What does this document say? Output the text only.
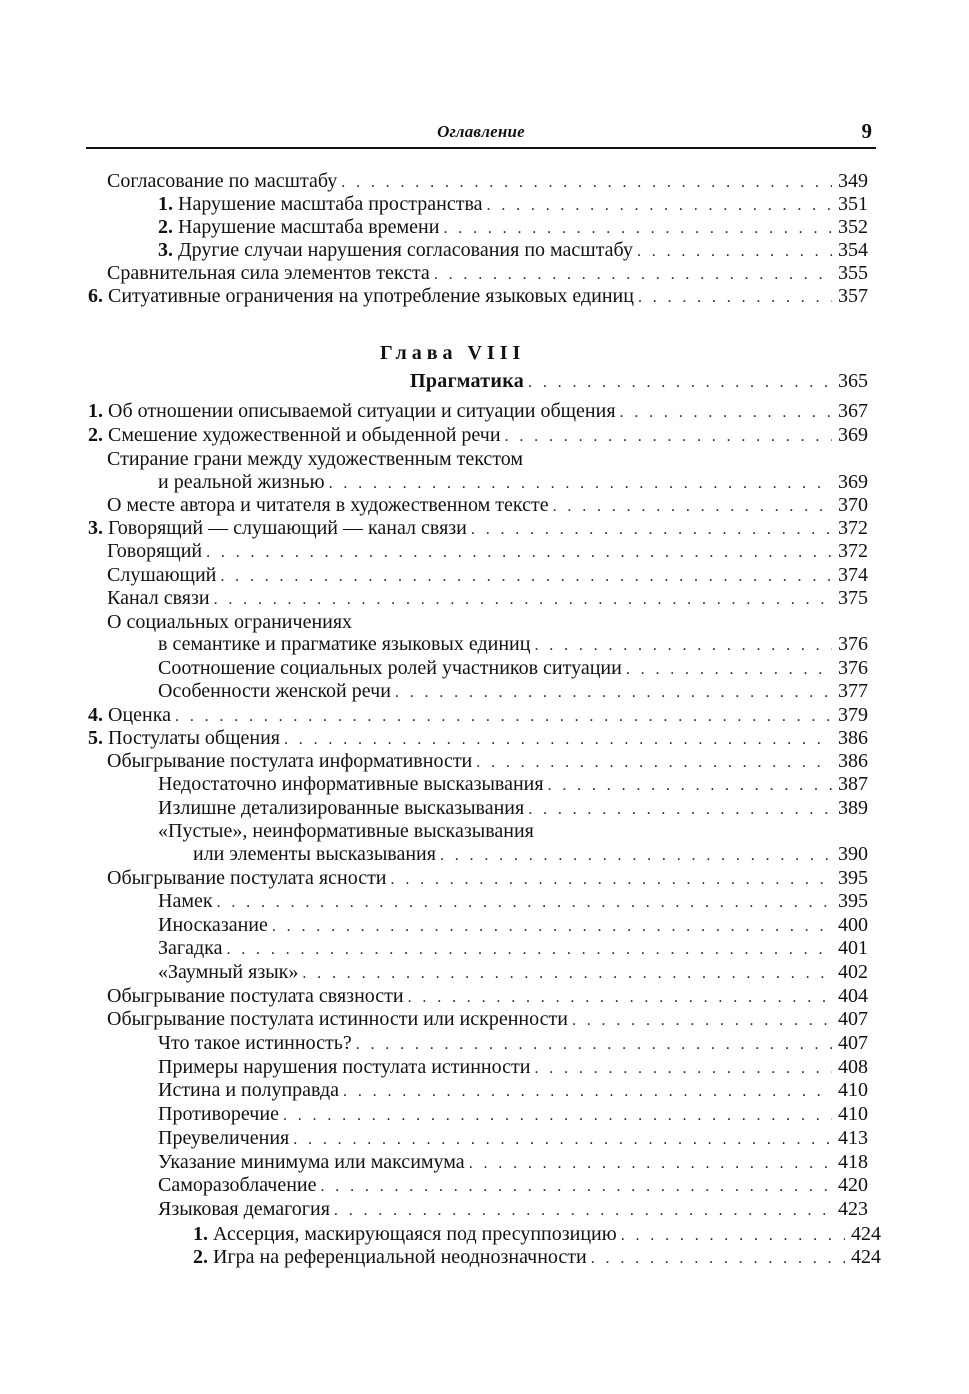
Оглавление	9
Согласование по масштабу . . .	349
1. Нарушение масштаба пространства . . .	351
2. Нарушение масштаба времени . . .	352
3. Другие случаи нарушения согласования по масштабу . . .	354
Сравнительная сила элементов текста . . .	355
6. Ситуативные ограничения на употребление языковых единиц . . .	357
Глава VIII
Прагматика . . .	365
1. Об отношении описываемой ситуации и ситуации общения . . .	367
2. Смешение художественной и обыденной речи . . .	369
Стирание грани между художественным текстом
и реальной жизнью . . .	369
О месте автора и читателя в художественном тексте . . .	370
3. Говорящий — слушающий — канал связи . . .	372
Говорящий . . .	372
Слушающий . . .	374
Канал связи . . .	375
О социальных ограничениях
в семантике и прагматике языковых единиц . . .	376
Соотношение социальных ролей участников ситуации . . .	376
Особенности женской речи . . .	377
4. Оценка . . .	379
5. Постулаты общения . . .	386
Обыгрывание постулата информативности . . .	386
Недостаточно информативные высказывания . . .	387
Излишне детализированные высказывания . . .	389
«Пустые», неинформативные высказывания
или элементы высказывания . . .	390
Обыгрывание постулата ясности . . .	395
Намек . . .	395
Иносказание . . .	400
Загадка . . .	401
«Заумный язык» . . .	402
Обыгрывание постулата связности . . .	404
Обыгрывание постулата истинности или искренности . . .	407
Что такое истинность? . . .	407
Примеры нарушения постулата истинности . . .	408
Истина и полуправда . . .	410
Противоречие . . .	410
Преувеличения . . .	413
Указание минимума или максимума . . .	418
Саморазоблачение . . .	420
Языковая демагогия . . .	423
1. Ассерция, маскирующаяся под пресуппозицию . . .	424
2. Игра на референциальной неоднозначности . . .	424
